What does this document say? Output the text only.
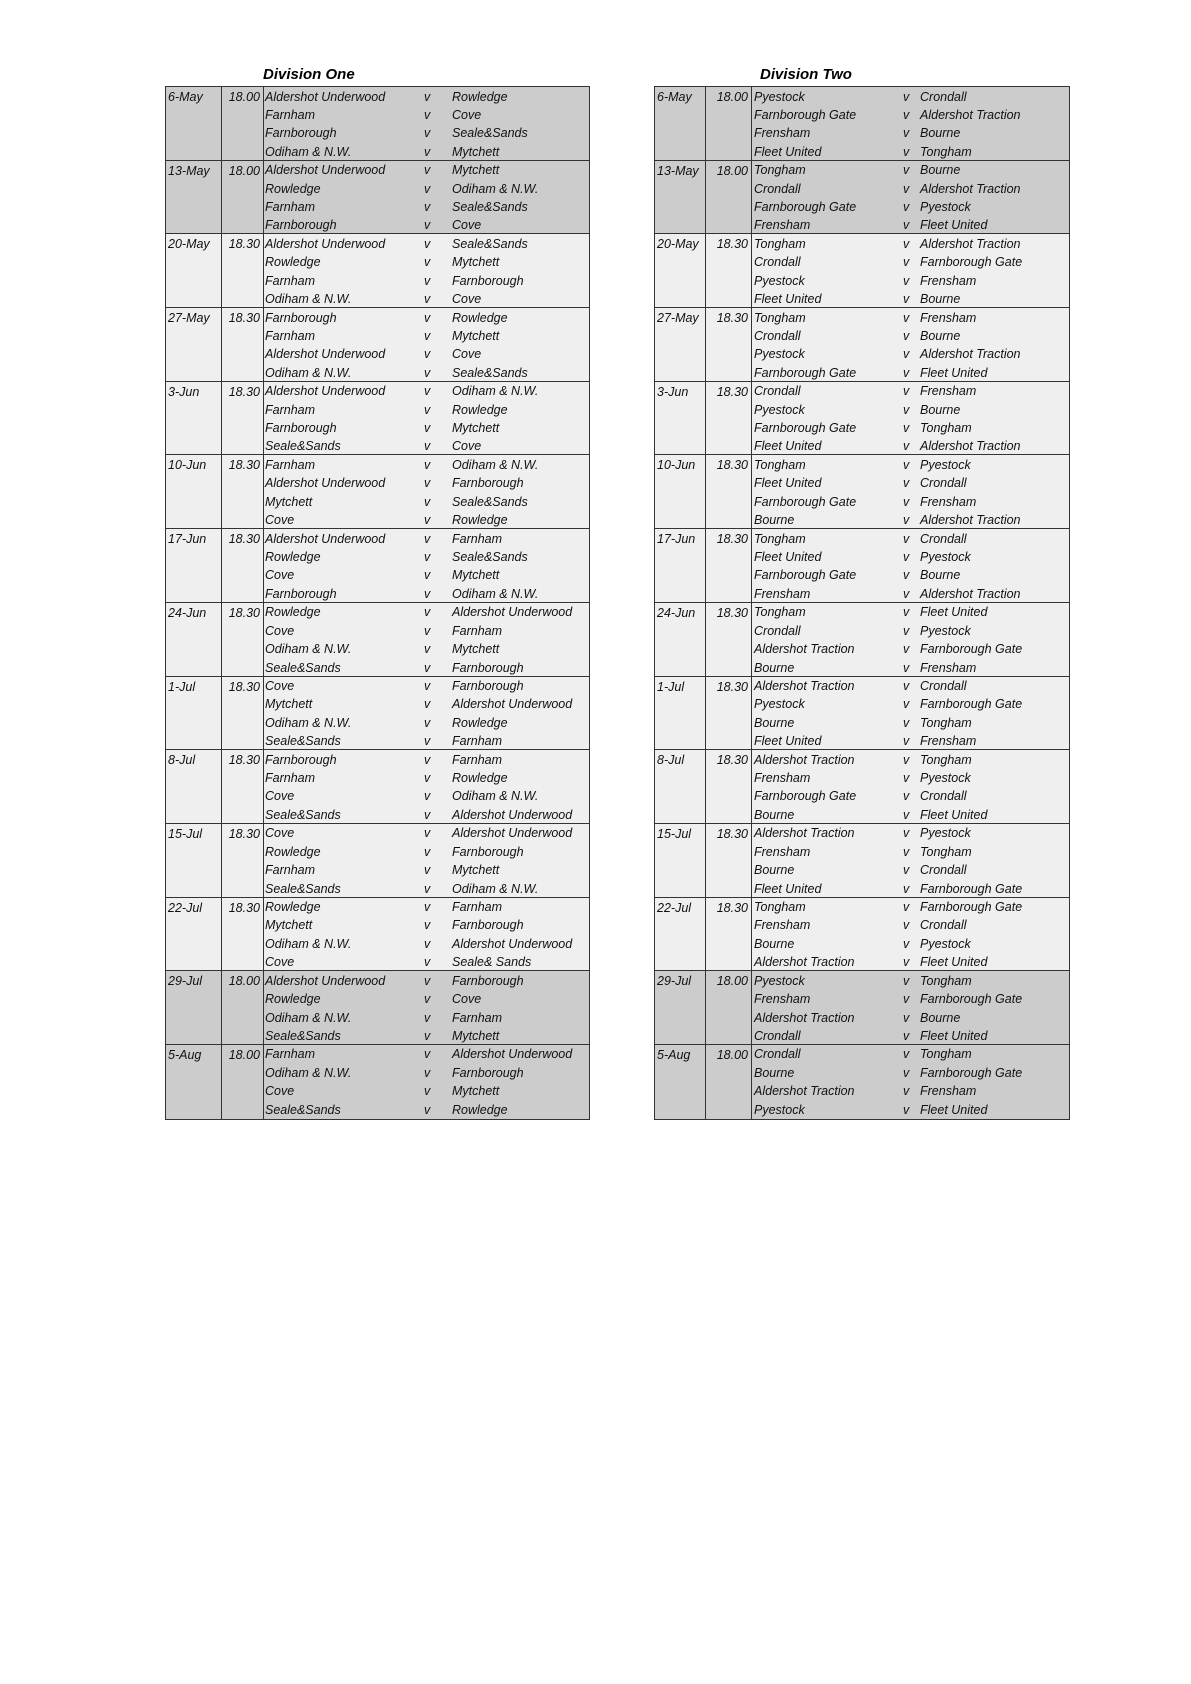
Division One
6-May	18.00 Aldershot Underwood	v Rowledge
Farnham	v Cove
Farnborough	v Seale&Sands
Odiham & N.W.	v Mytchett
13-May	18.00 Aldershot Underwood	v Mytchett
Rowledge	v Odiham & N.W.
Farnham	v Seale&Sands
Farnborough	v Cove
20-May	18.30 Aldershot Underwood	v Seale&Sands
Rowledge	v Mytchett
Farnham	v Farnborough
Odiham & N.W.	v Cove
27-May	18.30 Farnborough	v Rowledge
Farnham	v Mytchett
Aldershot Underwood	v Cove
Odiham & N.W.	v Seale&Sands
3-Jun	18.30 Aldershot Underwood	v Odiham & N.W.
Farnham	v Rowledge
Farnborough	v Mytchett
Seale&Sands	v Cove
10-Jun	18.30 Farnham	v Odiham & N.W.
Aldershot Underwood	v Farnborough
Mytchett	v Seale&Sands
Cove	v Rowledge
17-Jun	18.30 Aldershot Underwood	v Farnham
Rowledge	v Seale&Sands
Cove	v Mytchett
Farnborough	v Odiham & N.W.
24-Jun	18.30 Rowledge	v Aldershot Underwood
Cove	v Farnham
Odiham & N.W.	v Mytchett
Seale&Sands	v Farnborough
1-Jul	18.30 Cove	v Farnborough
Mytchett	v Aldershot Underwood
Odiham & N.W.	v Rowledge
Seale&Sands	v Farnham
8-Jul	18.30 Farnborough	v Farnham
Farnham	v Rowledge
Cove	v Odiham & N.W.
Seale&Sands	v Aldershot Underwood
15-Jul	18.30 Cove	v Aldershot Underwood
Rowledge	v Farnborough
Farnham	v Mytchett
Seale&Sands	v Odiham & N.W.
22-Jul	18.30 Rowledge	v Farnham
Mytchett	v Farnborough
Odiham & N.W.	v Aldershot Underwood
Cove	v Seale& Sands
29-Jul	18.00 Aldershot Underwood	v Farnborough
Rowledge	v Cove
Odiham & N.W.	v Farnham
Seale&Sands	v Mytchett
5-Aug	18.00 Farnham	v Aldershot Underwood
Odiham & N.W.	v Farnborough
Cove	v Mytchett
Seale&Sands	v Rowledge
Division Two
6-May	18.00 Pyestock	v Crondall
Farnborough Gate	v Aldershot Traction
Frensham	v Bourne
Fleet United	v Tongham
13-May	18.00 Tongham	v Bourne
Crondall	v Aldershot Traction
Farnborough Gate	v Pyestock
Frensham	v Fleet United
20-May	18.30 Tongham	v Aldershot Traction
Crondall	v Farnborough Gate
Pyestock	v Frensham
Fleet United	v Bourne
27-May	18.30 Tongham	v Frensham
Crondall	v Bourne
Pyestock	v Aldershot Traction
Farnborough Gate	v Fleet United
3-Jun	18.30 Crondall	v Frensham
Pyestock	v Bourne
Farnborough Gate	v Tongham
Fleet United	v Aldershot Traction
10-Jun	18.30 Tongham	v Pyestock
Fleet United	v Crondall
Farnborough Gate	v Frensham
Bourne	v Aldershot Traction
17-Jun	18.30 Tongham	v Crondall
Fleet United	v Pyestock
Farnborough Gate	v Bourne
Frensham	v Aldershot Traction
24-Jun	18.30 Tongham	v Fleet United
Crondall	v Pyestock
Aldershot Traction	v Farnborough Gate
Bourne	v Frensham
1-Jul	18.30 Aldershot Traction	v Crondall
Pyestock	v Farnborough Gate
Bourne	v Tongham
Fleet United	v Frensham
8-Jul	18.30 Aldershot Traction	v Tongham
Frensham	v Pyestock
Farnborough Gate	v Crondall
Bourne	v Fleet United
15-Jul	18.30 Aldershot Traction	v Pyestock
Frensham	v Tongham
Bourne	v Crondall
Fleet United	v Farnborough Gate
22-Jul	18.30 Tongham	v Farnborough Gate
Frensham	v Crondall
Bourne	v Pyestock
Aldershot Traction	v Fleet United
29-Jul	18.00 Pyestock	v Tongham
Frensham	v Farnborough Gate
Aldershot Traction	v Bourne
Crondall	v Fleet United
5-Aug	18.00 Crondall	v Tongham
Bourne	v Farnborough Gate
Aldershot Traction	v Frensham
Pyestock	v Fleet United
